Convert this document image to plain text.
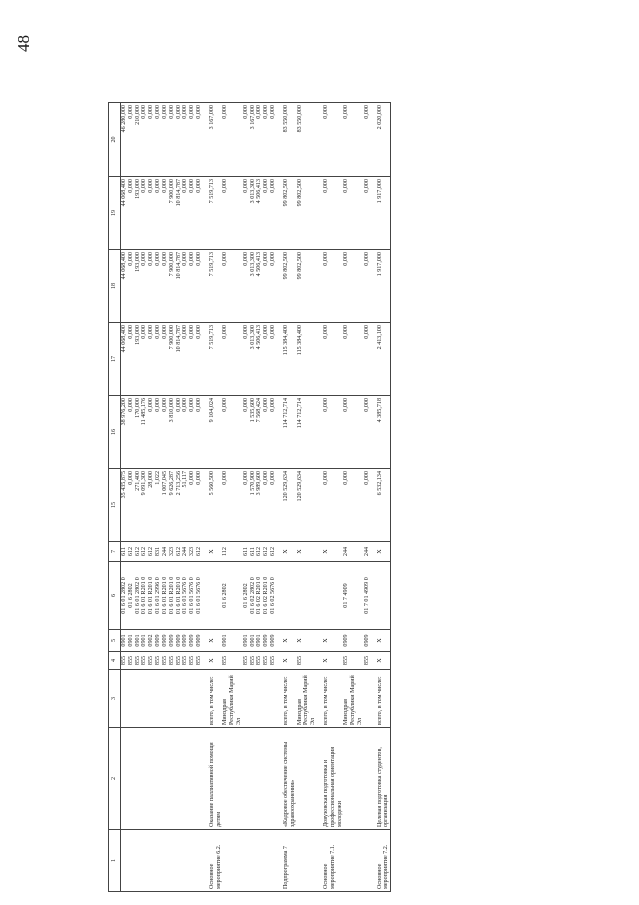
48
1	2	3	4	5	6	7	15	16	17	18	19	20
			855	0901	01 6 01 2802 0	611	35 435,875	38 976,200	44 068,400	44 068,400	44 068,400	46 280,000
			855	0901	01 6 2802	612	0,000	0,000	0,000	0,000	0,000	0,000
			855	0901	01 6 01 2802 0	612	271,400	170,000	193,000	193,000	193,000	210,000
			855	0901	01 6 01 R201 0	612	9 091,300	11 485,176	0,000	0,000	0,000	0,000
			855	0902	01 6 01 R201 0	612	28,000	0,000	0,000	0,000	0,000	0,000
			855	0909	01 6 01 2996 0	831	1,022	0,000	0,000	0,000	0,000	0,000
			855	0909	01 6 01 R201 0	244	1 007,045	0,000	0,000	0,000	0,000	0,000
			855	0909	01 6 01 R201 0	323	9 626,287	3 810,000	7 900,000	7 900,000	7 900,000	0,000
			855	0909	01 6 01 R201 0	612	2 713,256	0,000	10 814,787	10 814,787	10 814,787	0,000
			855	0909	01 6 01 5676 0	244	51,117	0,000	0,000	0,000	0,000	0,000
			855	0909	01 6 01 5676 0	323	0,000	0,000	0,000	0,000	0,000	0,000
			855	0909	01 6 01 5676 0	612	0,000	0,000	0,000	0,000	0,000	0,000
Основное мероприятие 6.2.	Оказание паллиативной помощи детям	всего, в том числе:	X	X		X	5 560,500	9 104,024	7 519,713	7 519,713	7 519,713	3 167,000
		Минздрав Республики Марий Эл	855	0901	01 6 2802	112	0,000	0,000	0,000	0,000	0,000	0,000
			855	0901	01 6 2802	611	0,000	0,000	0,000	0,000	0,000	0,000
			855	0901	01 6 02 2802 0	611	1 570,900	1 535,600	3 013,300	3 013,300	3 013,300	3 167,000
			855	0901	01 6 02 R201 0	612	3 989,600	7 568,424	4 506,413	4 506,413	4 506,413	0,000
			855	0909	01 6 02 R201 0	612	0,000	0,000	0,000	0,000	0,000	0,000
			855	0909	01 6 02 5676 0	612	0,000	0,000	0,000	0,000	0,000	0,000
Подпрограмма 7	«Кадровое обеспечение системы здравоохранения»	всего, в том числе:	X	X		X	120 529,634	114 712,714	115 384,400	99 802,500	99 802,500	83 550,000
		Минздрав Республики Марий Эл	855	X		X	120 529,634	114 712,714	115 384,400	99 802,500	99 802,500	83 550,000
Основное мероприятие 7.1.	Довузовская подготовка и профессиональная ориентация молодежи	всего, в том числе:	X	X		X	0,000	0,000	0,000	0,000	0,000	0,000
		Минздрав Республики Марий Эл	855	0909	01 7 4909	244	0,000	0,000	0,000	0,000	0,000	0,000
			855	0909	01 7 01 4909 0	244	0,000	0,000	0,000	0,000	0,000	0,000
Основное мероприятие 7.2.	Целевая подготовка студентов, организация	всего, в том числе:	X	X		X	6 532,134	4 385,718	2 413,100	1 917,000	1 917,000	2 020,000
